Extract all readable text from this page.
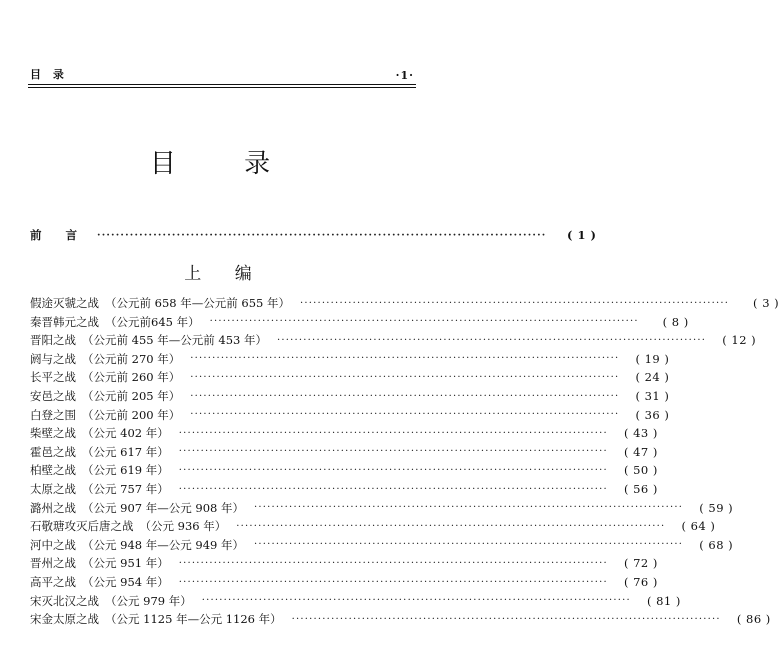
目 录	·1·
目 录
前 言 ································································································	( 1 )
上 编
假途灭虢之战 （公元前 658 年—公元前 655 年） ··································································································	( 3 )
秦晋韩元之战 （公元前645 年） ··································································································	( 8 )
晋阳之战 （公元前 455 年—公元前 453 年） ··································································································	( 12 )
阏与之战 （公元前 270 年） ··································································································	( 19 )
长平之战 （公元前 260 年） ··································································································	( 24 )
安邑之战 （公元前 205 年） ··································································································	( 31 )
白登之围 （公元前 200 年） ··································································································	( 36 )
柴壁之战 （公元 402 年） ··································································································	( 43 )
霍邑之战 （公元 617 年） ··································································································	( 47 )
柏壁之战 （公元 619 年） ··································································································	( 50 )
太原之战 （公元 757 年） ··································································································	( 56 )
潞州之战 （公元 907 年—公元 908 年） ··································································································	( 59 )
石敬瑭攻灭后唐之战 （公元 936 年） ··································································································	( 64 )
河中之战 （公元 948 年—公元 949 年） ··································································································	( 68 )
晋州之战 （公元 951 年） ··································································································	( 72 )
高平之战 （公元 954 年） ··································································································	( 76 )
宋灭北汉之战 （公元 979 年） ··································································································	( 81 )
宋金太原之战 （公元 1125 年—公元 1126 年） ··································································································	( 86 )
